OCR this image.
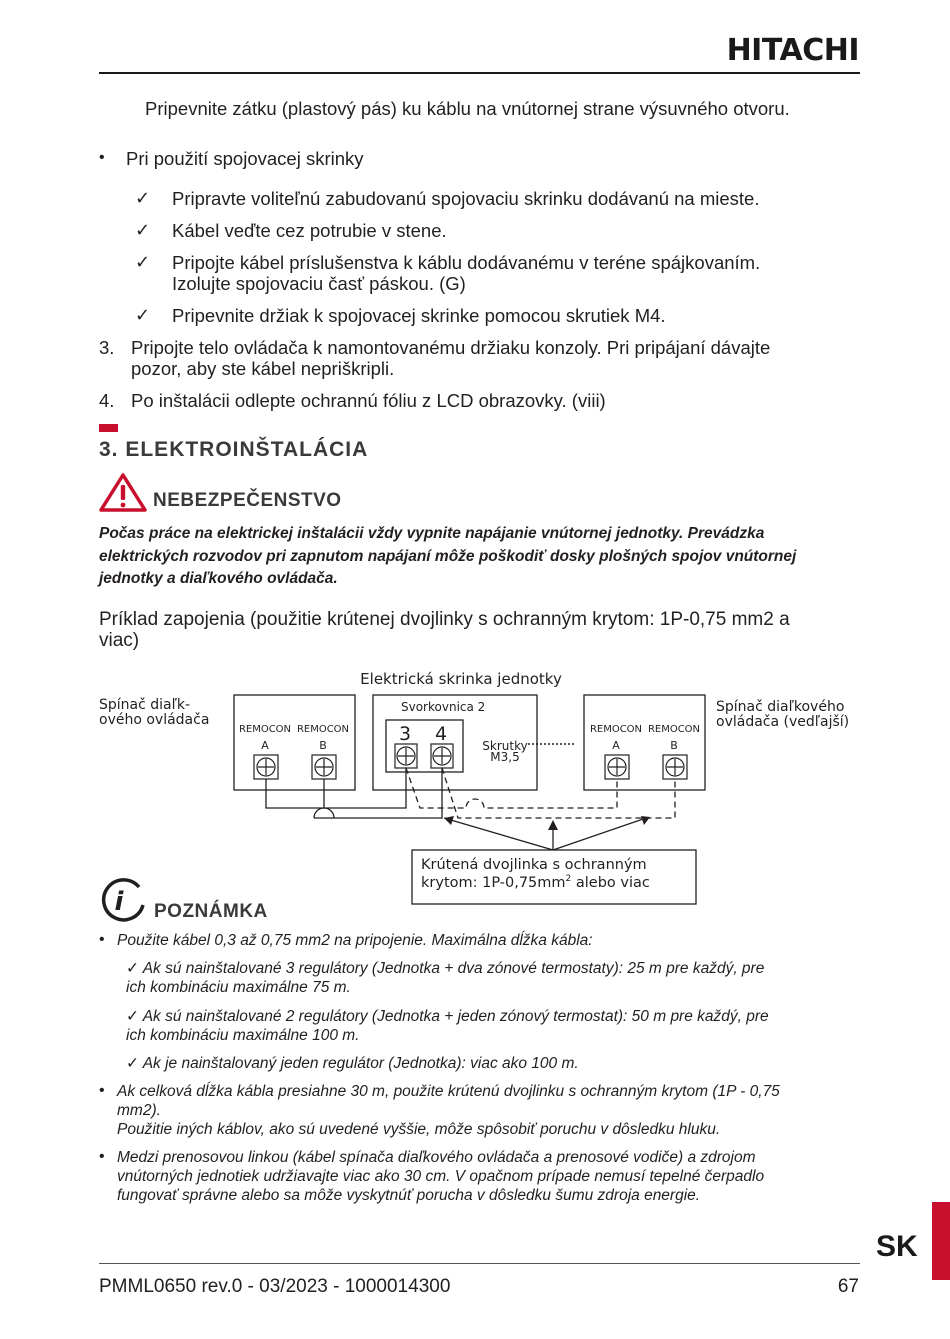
HITACHI
Pripevnite zátku (plastový pás) ku káblu na vnútornej strane výsuvného otvoru.
• Pri použití spojovacej skrinky
✓ Pripravte voliteľnú zabudovanú spojovaciu skrinku dodávanú na mieste.
✓ Kábel veďte cez potrubie v stene.
✓ Pripojte kábel príslušenstva k káblu dodávanému v teréne spájkovaním.
Izolujte spojovaciu časť páskou. (G)
✓ Pripevnite držiak k spojovacej skrinke pomocou skrutiek M4.
3. Pripojte telo ovládača k namontovanému držiaku konzoly. Pri pripájaní dávajte
pozor, aby ste kábel nepriškripli.
4. Po inštalácii odlepte ochrannú fóliu z LCD obrazovky. (viii)
3. ELEKTROINŠTALÁCIA
NEBEZPEČENSTVO
Počas práce na elektrickej inštalácii vždy vypnite napájanie vnútornej jednotky. Prevádzka
elektrických rozvodov pri zapnutom napájaní môže poškodiť dosky plošných spojov vnútornej
jednotky a diaľkového ovládača.
Príklad zapojenia (použitie krútenej dvojlinky s ochranným krytom: 1P-0,75 mm2 a
viac)
Elektrická skrinka jednotky
Spínač diaľk-
ového ovládača
Spínač diaľkového
ovládača (vedľajší)
REMOCON REMOCON
A	B
Svorkovnica 2
3 4
Skrutky
M3,5
REMOCON REMOCON
A	B
Krútená dvojlinka s ochranným
krytom: $1P-0,75mm^2$ alebo viac
i POZNÁMKA
• Použite kábel 0,3 až 0,75 mm2 na pripojenie. Maximálna dĺžka kábla:
✓ Ak sú nainštalované 3 regulátory (Jednotka + dva zónové termostaty): 25 m pre každý, pre
ich kombináciu maximálne 75 m.
✓ Ak sú nainštalované 2 regulátory (Jednotka + jeden zónový termostat): 50 m pre každý, pre
ich kombináciu maximálne 100 m.
✓ Ak je nainštalovaný jeden regulátor (Jednotka): viac ako 100 m.
• Ak celková dĺžka kábla presiahne 30 m, použite krútenú dvojlinku s ochranným krytom (1P - 0,75
mm2).
Použitie iných káblov, ako sú uvedené vyššie, môže spôsobiť poruchu v dôsledku hluku.
• Medzi prenosovou linkou (kábel spínača diaľkového ovládača a prenosové vodiče) a zdrojom
vnútorných jednotiek udržiavajte viac ako 30 cm. V opačnom prípade nemusí tepelné čerpadlo
fungovať správne alebo sa môže vyskytnúť porucha v dôsledku šumu zdroja energie.
SK
PMML0650 rev.0 - 03/2023 - 1000014300	67
